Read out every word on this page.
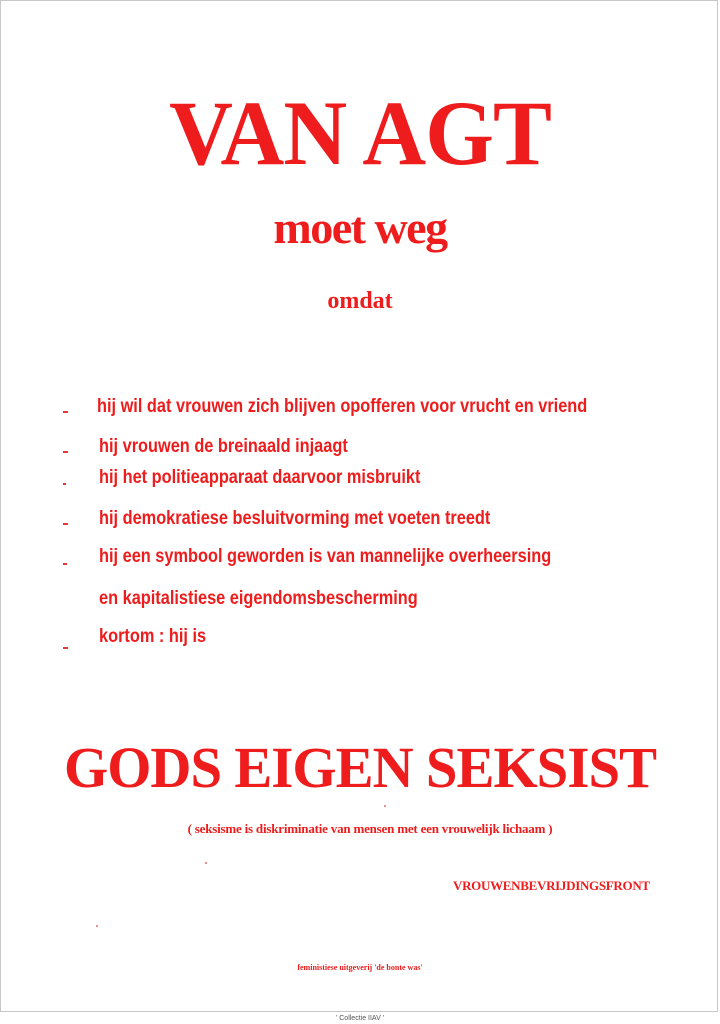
VAN AGT
moet weg
omdat
hij wil dat vrouwen zich blijven opofferen voor vrucht en vriend
hij vrouwen de breinaald injaagt
hij het politieapparaat daarvoor misbruikt
hij demokratiese besluitvorming met voeten treedt
hij een symbool geworden is van mannelijke overheersing
en kapitalistiese eigendomsbescherming
kortom : hij is
GODS EIGEN SEKSIST
( seksisme is diskriminatie van mensen met een vrouwelijk lichaam )
VROUWENBEVRIJDINGSFRONT
feministiese uitgeverij 'de bonte was'
' Collectie IIAV '
